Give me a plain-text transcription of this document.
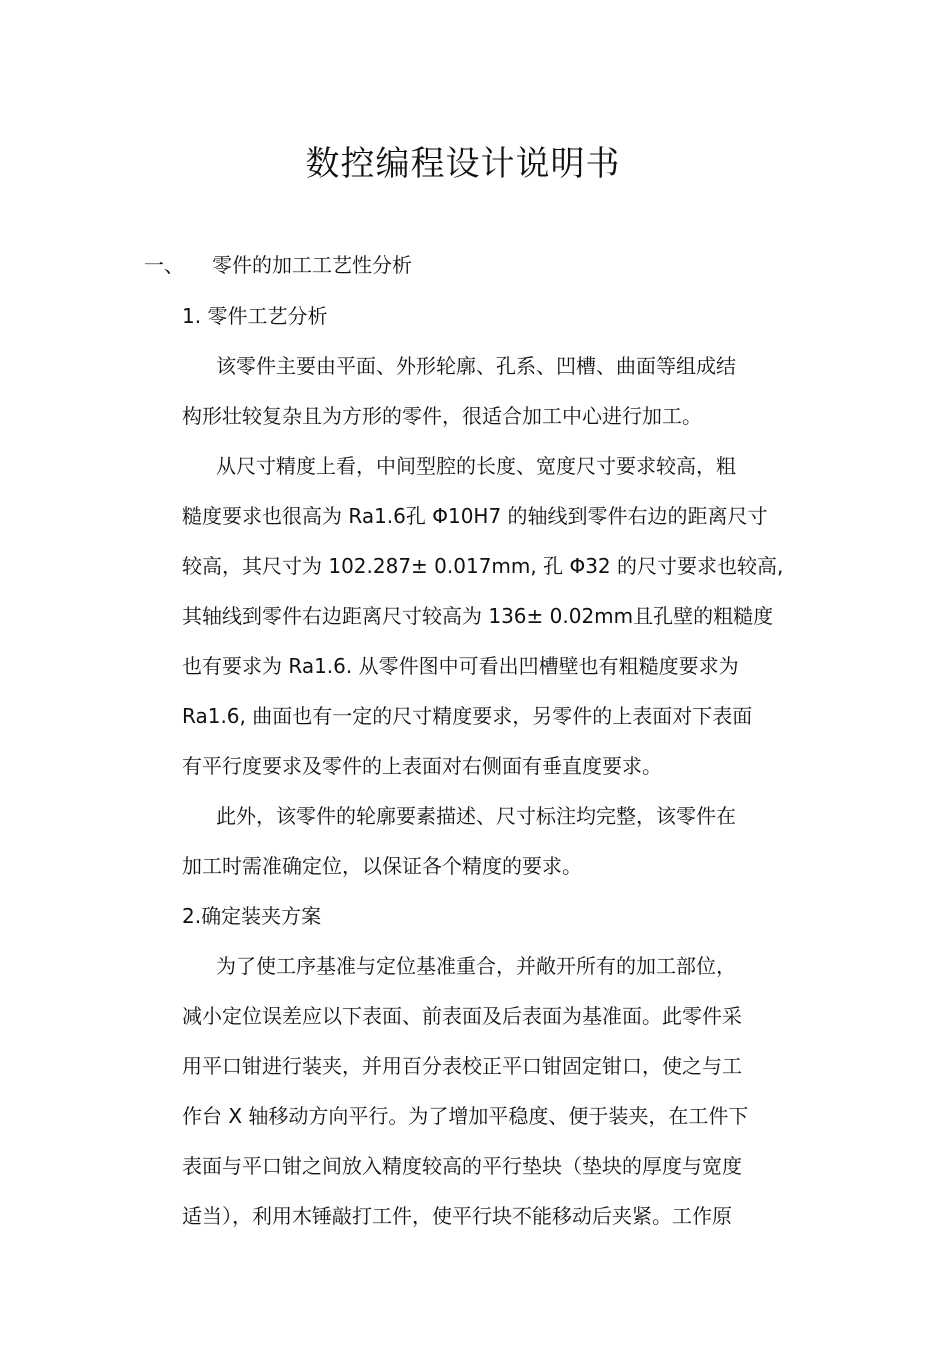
数控编程设计说明书
一、 零件的加工工艺性分析
1. 零件工艺分析
该零件主要由平面、外形轮廓、孔系、凹槽、曲面等组成结
构形壮较复杂且为方形的零件，很适合加工中心进行加工。
从尺寸精度上看，中间型腔的长度、宽度尺寸要求较高，粗
糙度要求也很高为 Ra1.6孔 Φ10H7 的轴线到零件右边的距离尺寸
较高，其尺寸为 102.287± 0.017mm, 孔 Φ32 的尺寸要求也较高,
其轴线到零件右边距离尺寸较高为 136± 0.02mm且孔壁的粗糙度
也有要求为 Ra1.6. 从零件图中可看出凹槽壁也有粗糙度要求为
Ra1.6, 曲面也有一定的尺寸精度要求，另零件的上表面对下表面
有平行度要求及零件的上表面对右侧面有垂直度要求。
此外，该零件的轮廓要素描述、尺寸标注均完整，该零件在
加工时需准确定位，以保证各个精度的要求。
2.确定装夹方案
为了使工序基准与定位基准重合，并敞开所有的加工部位，
减小定位误差应以下表面、前表面及后表面为基准面。此零件采
用平口钳进行装夹，并用百分表校正平口钳固定钳口，使之与工
作台 X 轴移动方向平行。为了增加平稳度、便于装夹，在工件下
表面与平口钳之间放入精度较高的平行垫块（垫块的厚度与宽度
适当），利用木锤敲打工件，使平行块不能移动后夹紧。工作原
